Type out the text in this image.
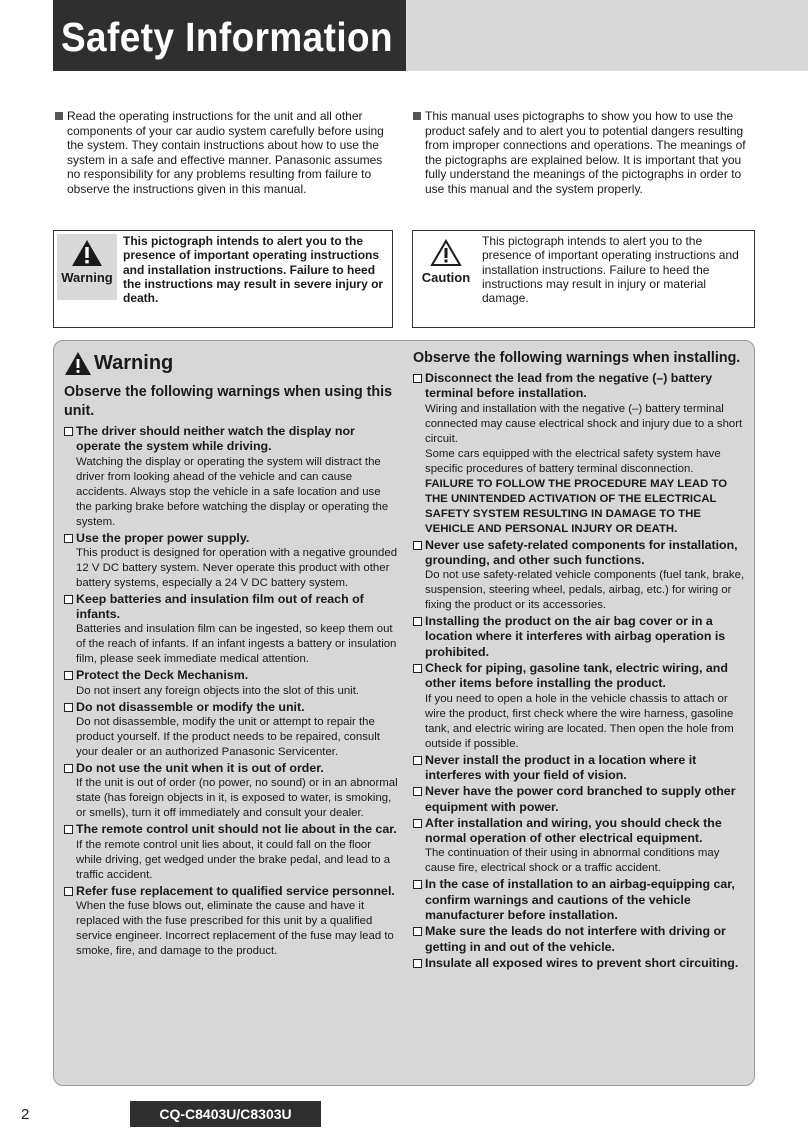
Safety Information

Read the operating instructions for the unit and all other components of your car audio system carefully before using the system. They contain instructions about how to use the system in a safe and effective manner. Panasonic assumes no responsibility for any problems resulting from failure to observe the instructions given in this manual.

This manual uses pictographs to show you how to use the product safely and to alert you to potential dangers resulting from improper connections and operations. The meanings of the pictographs are explained below. It is important that you fully understand the meanings of the pictographs in order to use this manual and the system properly.

Warning
This pictograph intends to alert you to the presence of important operating instructions and installation instructions. Failure to heed the instructions may result in severe injury or death.
Caution
This pictograph intends to alert you to the presence of important operating instructions and installation instructions. Failure to heed the instructions may result in injury or material damage.
Warning
Observe the following warnings when using this unit.
The driver should neither watch the display nor operate the system while driving.

Watching the display or operating the system will distract the driver from looking ahead of the vehicle and can cause accidents. Always stop the vehicle in a safe location and use the parking brake before watching the display or operating the system.

Use the proper power supply.

This product is designed for operation with a negative grounded 12 V DC battery system. Never operate this product with other battery systems, especially a 24 V DC battery system.

Keep batteries and insulation film out of reach of infants.

Batteries and insulation film can be ingested, so keep them out of the reach of infants. If an infant ingests a battery or insulation film, please seek immediate medical attention.

Protect the Deck Mechanism.

Do not insert any foreign objects into the slot of this unit.

Do not disassemble or modify the unit.

Do not disassemble, modify the unit or attempt to repair the product yourself. If the product needs to be repaired, consult your dealer or an authorized Panasonic Servicenter.

Do not use the unit when it is out of order.

If the unit is out of order (no power, no sound) or in an abnormal state (has foreign objects in it, is exposed to water, is smoking, or smells), turn it off immediately and consult your dealer.

The remote control unit should not lie about in the car.

If the remote control unit lies about, it could fall on the floor while driving, get wedged under the brake pedal, and lead to a traffic accident.

Refer fuse replacement to qualified service personnel.

When the fuse blows out, eliminate the cause and have it replaced with the fuse prescribed for this unit by a qualified service engineer. Incorrect replacement of the fuse may lead to smoke, fire, and damage to the product.

Observe the following warnings when installing.
Disconnect the lead from the negative (–) battery terminal before installation.

Wiring and installation with the negative (–) battery terminal connected may cause electrical shock and injury due to a short circuit.

Some cars equipped with the electrical safety system have specific procedures of battery terminal disconnection.

FAILURE TO FOLLOW THE PROCEDURE MAY LEAD TO THE UNINTENDED ACTIVATION OF THE ELECTRICAL SAFETY SYSTEM RESULTING IN DAMAGE TO THE VEHICLE AND PERSONAL INJURY OR DEATH.

Never use safety-related components for installation, grounding, and other such functions.

Do not use safety-related vehicle components (fuel tank, brake, suspension, steering wheel, pedals, airbag, etc.) for wiring or fixing the product or its accessories.

Installing the product on the air bag cover or in a location where it interferes with airbag operation is prohibited.
Check for piping, gasoline tank, electric wiring, and other items before installing the product.

If you need to open a hole in the vehicle chassis to attach or wire the product, first check where the wire harness, gasoline tank, and electric wiring are located. Then open the hole from outside if possible.

Never install the product in a location where it interferes with your field of vision.
Never have the power cord branched to supply other equipment with power.
After installation and wiring, you should check the normal operation of other electrical equipment.

The continuation of their using in abnormal conditions may cause fire, electrical shock or a traffic accident.

In the case of installation to an airbag-equipping car, confirm warnings and cautions of the vehicle manufacturer before installation.
Make sure the leads do not interfere with driving or getting in and out of the vehicle.
Insulate all exposed wires to prevent short circuiting.
2	CQ-C8403U/C8303U
